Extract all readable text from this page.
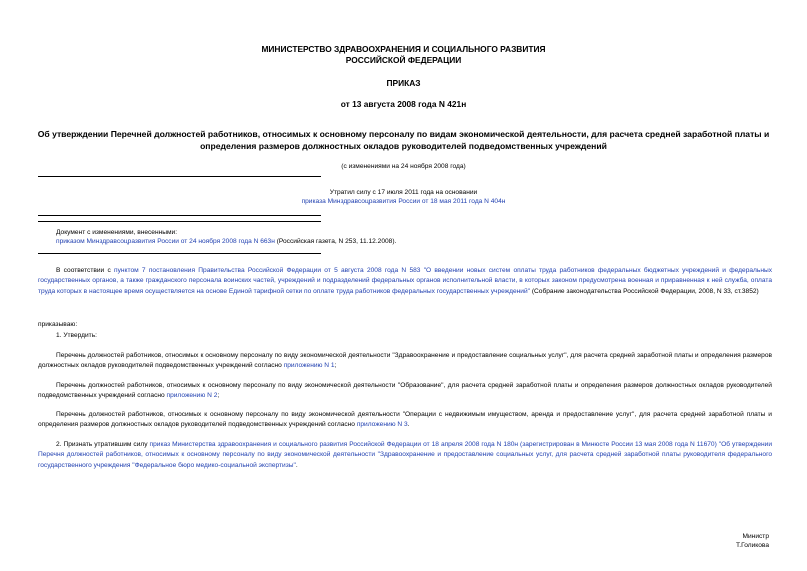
МИНИСТЕРСТВО ЗДРАВООХРАНЕНИЯ И СОЦИАЛЬНОГО РАЗВИТИЯ
РОССИЙСКОЙ ФЕДЕРАЦИИ
ПРИКАЗ
от 13 августа 2008 года N 421н
Об утверждении Перечней должностей работников, относимых к основному персоналу по видам экономической деятельности, для расчета средней заработной платы и определения размеров должностных окладов руководителей подведомственных учреждений
(с изменениями на 24 ноября 2008 года)
Утратил силу с 17 июля 2011 года на основании
приказа Минздравсоцразвития России от 18 мая 2011 года N 404н
Документ с изменениями, внесенными:
приказом Минздравсоцразвития России от 24 ноября 2008 года N 663н (Российская газета, N 253, 11.12.2008).
В соответствии с пунктом 7 постановления Правительства Российской Федерации от 5 августа 2008 года N 583 "О введении новых систем оплаты труда работников федеральных бюджетных учреждений и федеральных государственных органов, а также гражданского персонала воинских частей, учреждений и подразделений федеральных органов исполнительной власти, в которых законом предусмотрена военная и приравненная к ней служба, оплата труда которых в настоящее время осуществляется на основе Единой тарифной сетки по оплате труда работников федеральных государственных учреждений" (Собрание законодательства Российской Федерации, 2008, N 33, ст.3852)
приказываю:
1. Утвердить:
Перечень должностей работников, относимых к основному персоналу по виду экономической деятельности "Здравоохранение и предоставление социальных услуг", для расчета средней заработной платы и определения размеров должностных окладов руководителей подведомственных учреждений согласно приложению N 1;
Перечень должностей работников, относимых к основному персоналу по виду экономической деятельности "Образование", для расчета средней заработной платы и определения размеров должностных окладов руководителей подведомственных учреждений согласно приложению N 2;
Перечень должностей работников, относимых к основному персоналу по виду экономической деятельности "Операции с недвижимым имуществом, аренда и предоставление услуг", для расчета средней заработной платы и определения размеров должностных окладов руководителей подведомственных учреждений согласно приложению N 3.
2. Признать утратившим силу приказ Министерства здравоохранения и социального развития Российской Федерации от 18 апреля 2008 года N 180н (зарегистрирован в Минюсте России 13 мая 2008 года N 11670) "Об утверждении Перечня должностей работников, относимых к основному персоналу по виду экономической деятельности "Здравоохранение и предоставление социальных услуг, для расчета средней заработной платы руководителя федерального государственного учреждения "Федеральное бюро медико-социальной экспертизы".
Министр
Т.Голикова
